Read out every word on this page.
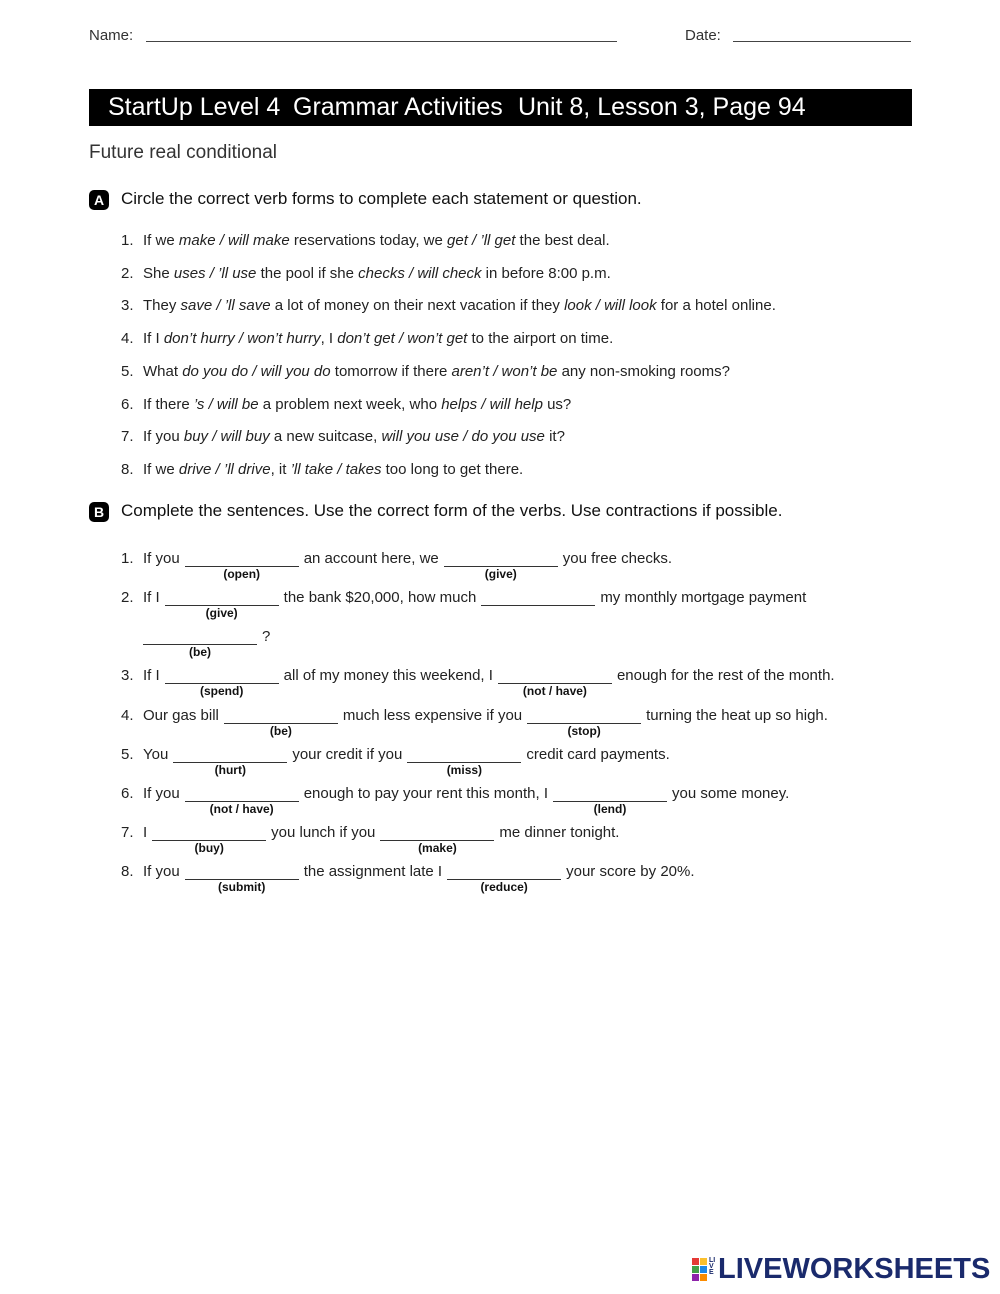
Name:	Date:
StartUp Level 4 Grammar Activities Unit 8, Lesson 3, Page 94
Future real conditional
A Circle the correct verb forms to complete each statement or question.
1. If we make / will make reservations today, we get / ’ll get the best deal.
2. She uses / ’ll use the pool if she checks / will check in before 8:00 p.m.
3. They save / ’ll save a lot of money on their next vacation if they look / will look for a hotel online.
4. If I don’t hurry / won’t hurry, I don’t get / won’t get to the airport on time.
5. What do you do / will you do tomorrow if there aren’t / won’t be any non-smoking rooms?
6. If there ’s / will be a problem next week, who helps / will help us?
7. If you buy / will buy a new suitcase, will you use / do you use it?
8. If we drive / ’ll drive, it ’ll take / takes too long to get there.
B Complete the sentences. Use the correct form of the verbs. Use contractions if possible.
1. If you
(open)
an account here, we
(give)
you free checks.
2. If I
(give)
the bank $20,000, how much	my monthly mortgage payment
(be)
?
3. If I
(spend)
all of my money this weekend, I
(not / have)
enough for the rest of the month.
4. Our gas bill
(be)
much less expensive if you
(stop)
turning the heat up so high.
5. You
(hurt)
your credit if you
(miss)
credit card payments.
6. If you
(not / have)
enough to pay your rent this month, I
(lend)
you some money.
7. I
(buy)
you lunch if you
(make)
me dinner tonight.
8. If you
(submit)
the assignment late I
(reduce)
your score by 20%.
LIVE LIVEWORKSHEETS
